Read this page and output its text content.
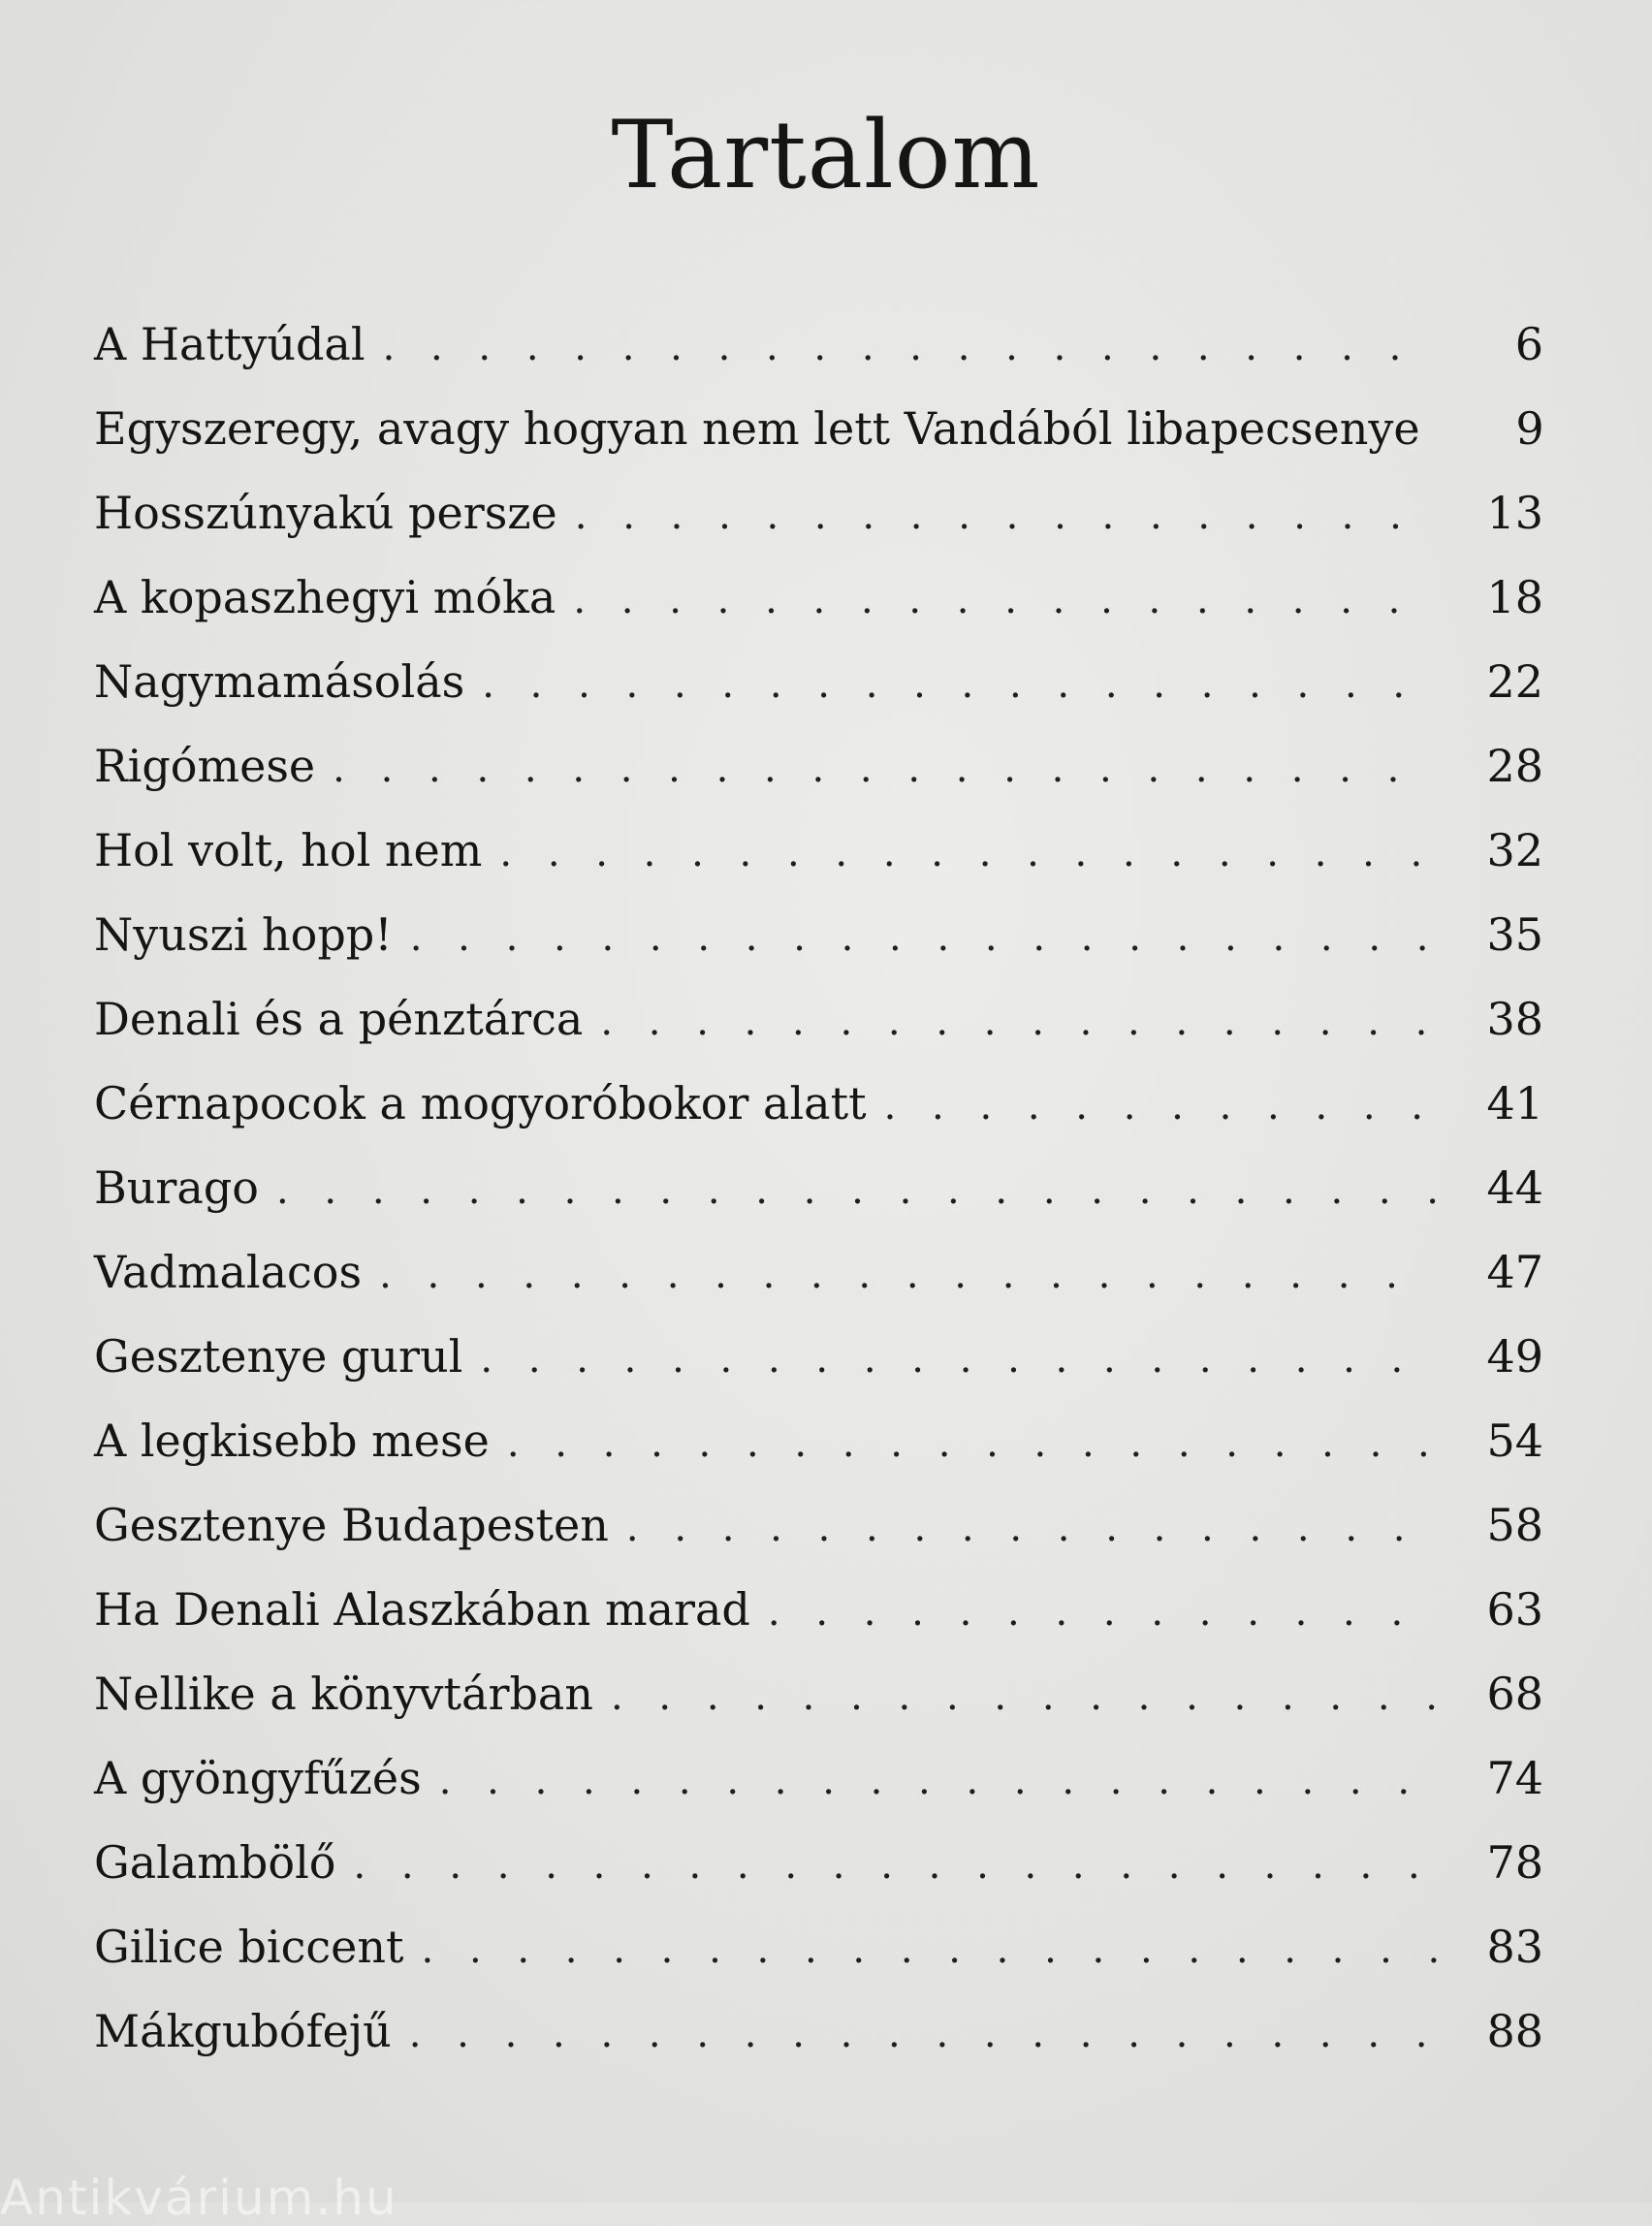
Tartalom
A Hattyúdal . . .	6
Egyszeregy, avagy hogyan nem lett Vandából libapecsenye	9
Hosszúnyakú persze . . .	13
A kopaszhegyi móka . . .	18
Nagymamásolás . . .	22
Rigómese . . .	28
Hol volt, hol nem . . .	32
Nyuszi hopp! . . .	35
Denali és a pénztárca . . .	38
Cérnapocok a mogyoróbokor alatt . . .	41
Burago . . .	44
Vadmalacos . . .	47
Gesztenye gurul . . .	49
A legkisebb mese . . .	54
Gesztenye Budapesten . . .	58
Ha Denali Alaszkában marad . . .	63
Nellike a könyvtárban . . .	68
A gyöngyfűzés . . .	74
Galambölő . . .	78
Gilice biccent . . .	83
Mákgubófejű . . .	88
Antikvárium.hu
